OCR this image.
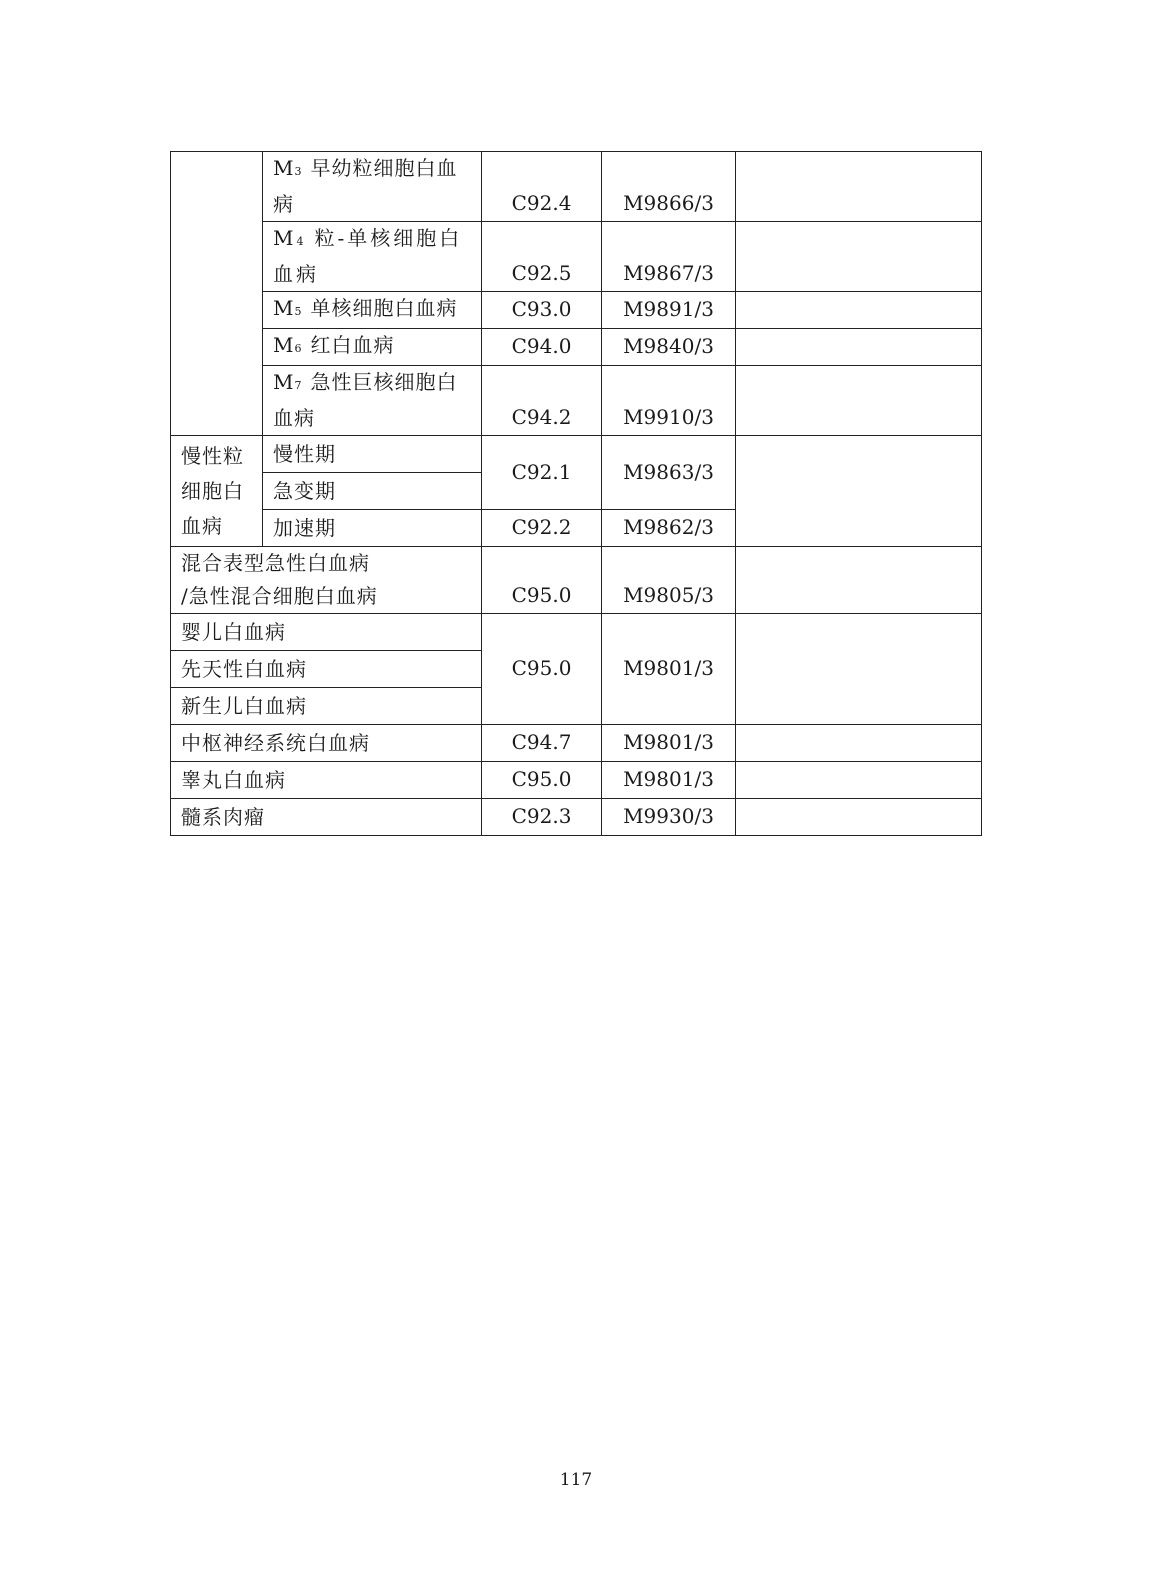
	M3 早幼粒细胞白血
病	C92.4	M9866/3	
	M4 粒-单核细胞白
血病	C92.5	M9867/3	
	M5 单核细胞白血病	C93.0	M9891/3	
	M6 红白血病	C94.0	M9840/3	
	M7 急性巨核细胞白
血病	C94.2	M9910/3	
慢性粒细胞白血病	慢性期	C92.1	M9863/3	
	急变期			
	加速期	C92.2	M9862/3	
混合表型急性白血病
/急性混合细胞白血病		C95.0	M9805/3	
婴儿白血病		C95.0	M9801/3	
先天性白血病				
新生儿白血病				
中枢神经系统白血病		C94.7	M9801/3	
睾丸白血病		C95.0	M9801/3	
髓系肉瘤		C92.3	M9930/3	
117
